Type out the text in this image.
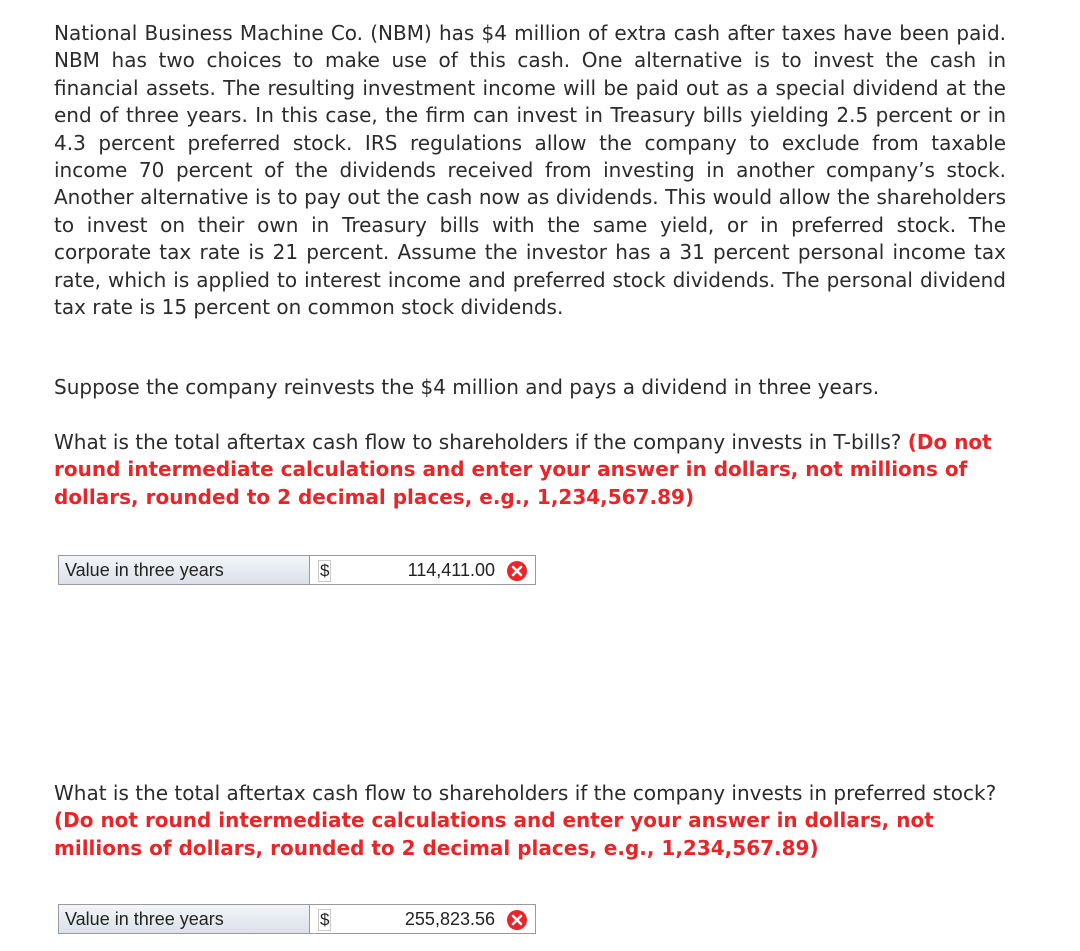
National Business Machine Co. (NBM) has $4 million of extra cash after taxes have been paid. NBM has two choices to make use of this cash. One alternative is to invest the cash in financial assets. The resulting investment income will be paid out as a special dividend at the end of three years. In this case, the firm can invest in Treasury bills yielding 2.5 percent or in 4.3 percent preferred stock. IRS regulations allow the company to exclude from taxable income 70 percent of the dividends received from investing in another company’s stock. Another alternative is to pay out the cash now as dividends. This would allow the shareholders to invest on their own in Treasury bills with the same yield, or in preferred stock. The corporate tax rate is 21 percent. Assume the investor has a 31 percent personal income tax rate, which is applied to interest income and preferred stock dividends. The personal dividend tax rate is 15 percent on common stock dividends.

Suppose the company reinvests the $4 million and pays a dividend in three years.

What is the total aftertax cash flow to shareholders if the company invests in T-bills? (Do not round intermediate calculations and enter your answer in dollars, not millions of dollars, rounded to 2 decimal places, e.g., 1,234,567.89)

Value in three years	$	114,411.00

What is the total aftertax cash flow to shareholders if the company invests in preferred stock? (Do not round intermediate calculations and enter your answer in dollars, not millions of dollars, rounded to 2 decimal places, e.g., 1,234,567.89)

Value in three years	$	255,823.56
